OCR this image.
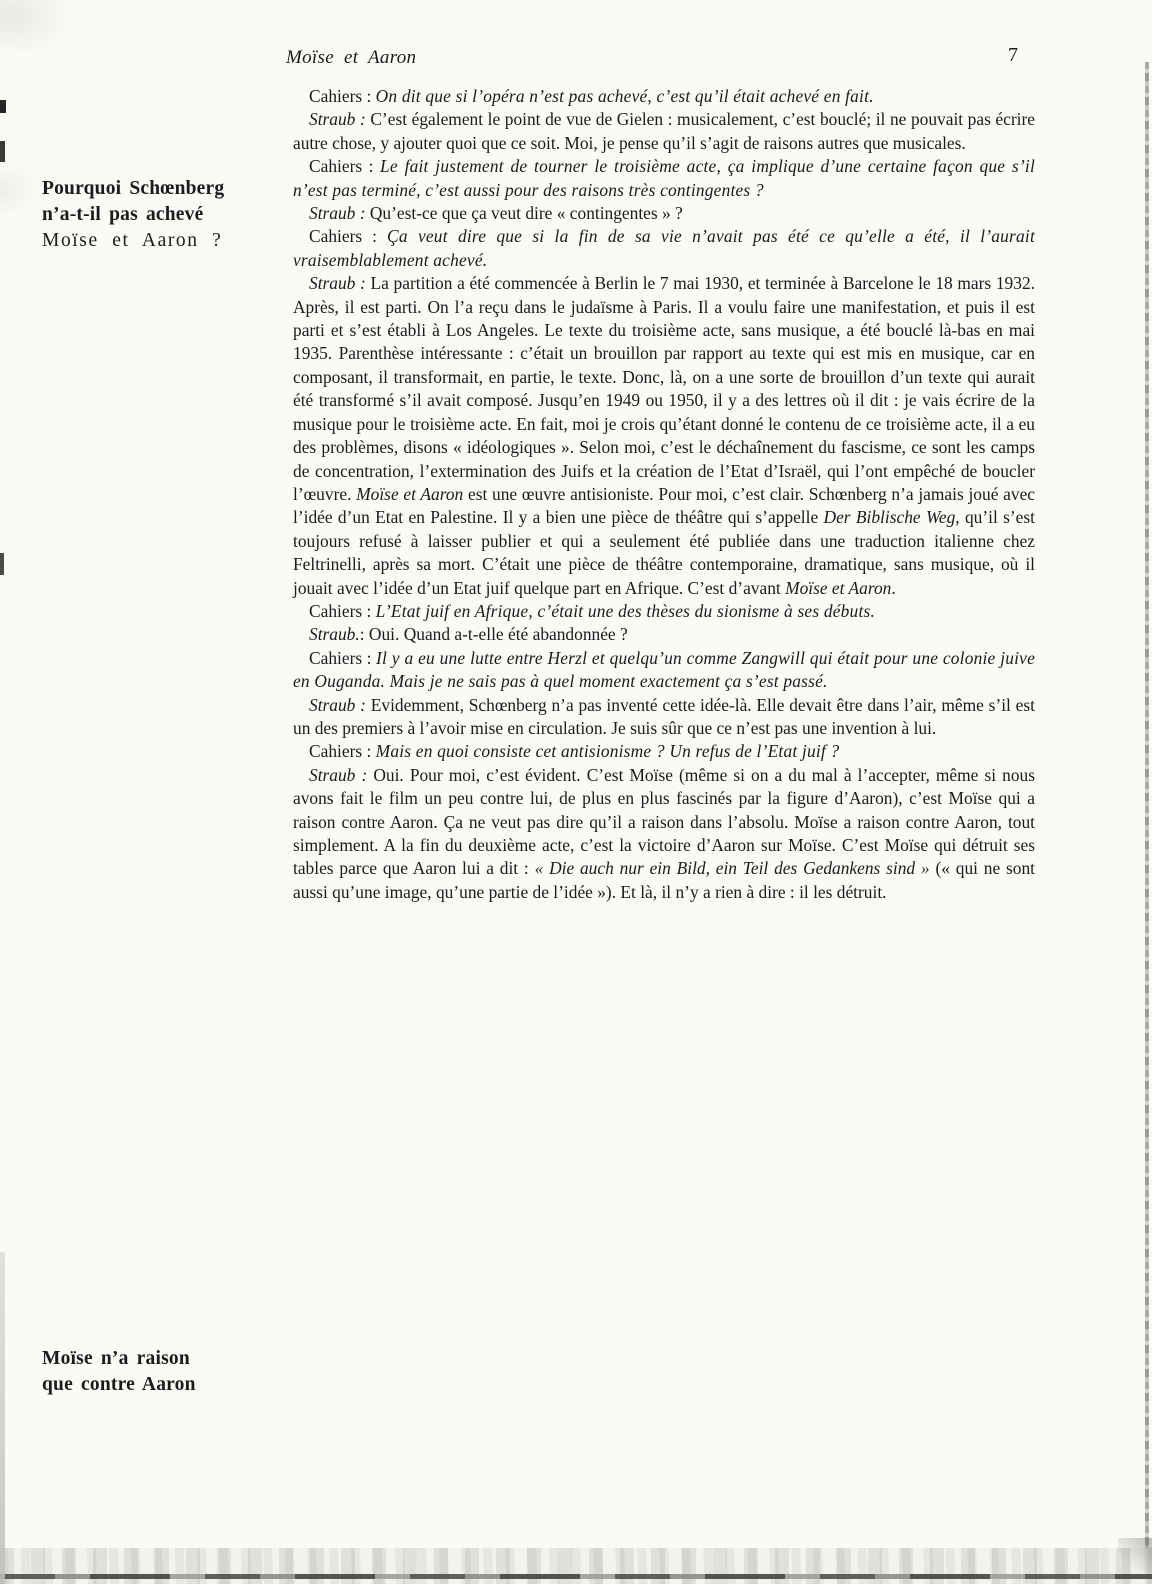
Moïse et Aaron	7

Cahiers : On dit que si l’opéra n’est pas achevé, c’est qu’il était achevé en fait.

Straub : C’est également le point de vue de Gielen : musicalement, c’est bouclé; il ne pouvait pas écrire autre chose, y ajouter quoi que ce soit. Moi, je pense qu’il s’agit de raisons autres que musicales.

Cahiers : Le fait justement de tourner le troisième acte, ça implique d’une certaine façon que s’il n’est pas terminé, c’est aussi pour des raisons très contingentes ?

Straub : Qu’est-ce que ça veut dire « contingentes » ?

Cahiers : Ça veut dire que si la fin de sa vie n’avait pas été ce qu’elle a été, il l’aurait vraisemblablement achevé.

Straub : La partition a été commencée à Berlin le 7 mai 1930, et terminée à Barcelone le 18 mars 1932. Après, il est parti. On l’a reçu dans le judaïsme à Paris. Il a voulu faire une manifestation, et puis il est parti et s’est établi à Los Angeles. Le texte du troisième acte, sans musique, a été bouclé là-bas en mai 1935. Parenthèse intéressante : c’était un brouillon par rapport au texte qui est mis en musique, car en composant, il transformait, en partie, le texte. Donc, là, on a une sorte de brouillon d’un texte qui aurait été transformé s’il avait composé. Jusqu’en 1949 ou 1950, il y a des lettres où il dit : je vais écrire de la musique pour le troisième acte. En fait, moi je crois qu’étant donné le contenu de ce troisième acte, il a eu des problèmes, disons « idéologiques ». Selon moi, c’est le déchaînement du fascisme, ce sont les camps de concentration, l’extermination des Juifs et la création de l’Etat d’Israël, qui l’ont empêché de boucler l’œuvre. Moïse et Aaron est une œuvre antisioniste. Pour moi, c’est clair. Schœnberg n’a jamais joué avec l’idée d’un Etat en Palestine. Il y a bien une pièce de théâtre qui s’appelle Der Biblische Weg, qu’il s’est toujours refusé à laisser publier et qui a seulement été publiée dans une traduction italienne chez Feltrinelli, après sa mort. C’était une pièce de théâtre contemporaine, dramatique, sans musique, où il jouait avec l’idée d’un Etat juif quelque part en Afrique. C’est d’avant Moïse et Aaron.

Cahiers : L’Etat juif en Afrique, c’était une des thèses du sionisme à ses débuts.

Straub.: Oui. Quand a-t-elle été abandonnée ?

Cahiers : Il y a eu une lutte entre Herzl et quelqu’un comme Zangwill qui était pour une colonie juive en Ouganda. Mais je ne sais pas à quel moment exactement ça s’est passé.

Straub : Evidemment, Schœnberg n’a pas inventé cette idée-là. Elle devait être dans l’air, même s’il est un des premiers à l’avoir mise en circulation. Je suis sûr que ce n’est pas une invention à lui.

Cahiers : Mais en quoi consiste cet antisionisme ? Un refus de l’Etat juif ?

Straub : Oui. Pour moi, c’est évident. C’est Moïse (même si on a du mal à l’accepter, même si nous avons fait le film un peu contre lui, de plus en plus fascinés par la figure d’Aaron), c’est Moïse qui a raison contre Aaron. Ça ne veut pas dire qu’il a raison dans l’absolu. Moïse a raison contre Aaron, tout simplement. A la fin du deuxième acte, c’est la victoire d’Aaron sur Moïse. C’est Moïse qui détruit ses tables parce que Aaron lui a dit : « Die auch nur ein Bild, ein Teil des Gedankens sind » (« qui ne sont aussi qu’une image, qu’une partie de l’idée »). Et là, il n’y a rien à dire : il les détruit.

Pourquoi Schœnberg
n’a-t-il pas achevé
Moïse et Aaron ?
Moïse n’a raison
que contre Aaron
